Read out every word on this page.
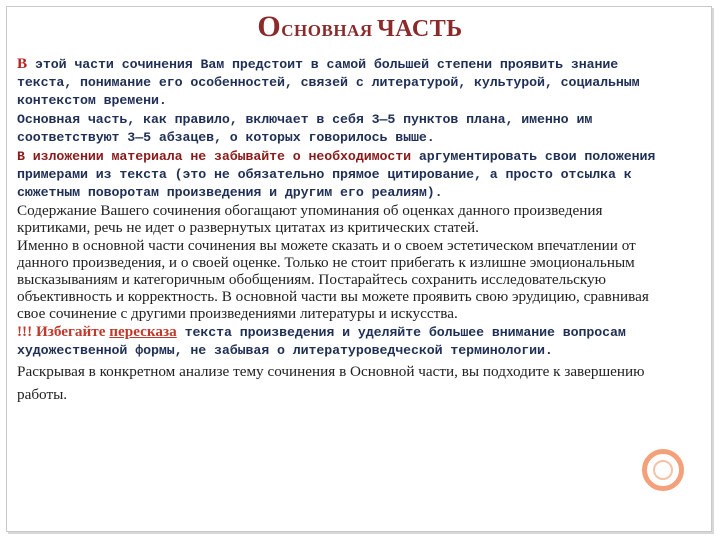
Основная ЧАСТЬ

В этой части сочинения Вам предстоит в самой большей степени проявить знание текста, понимание его особенностей, связей с литературой, культурой, социальным контекстом времени.

Основная часть, как правило, включает в себя 3—5 пунктов плана, именно им соответствуют 3—5 абзацев, о которых говорилось выше.

В изложении материала не забывайте о необходимости аргументировать свои положения примерами из текста (это не обязательно прямое цитирование, а просто отсылка к сюжетным поворотам произведения и другим его реалиям).

Содержание Вашего сочинения обогащают упоминания об оценках данного произведения критиками, речь не идет о развернутых цитатах из критических статей.

Именно в основной части сочинения вы можете сказать и о своем эстетическом впечатлении от данного произведения, и о своей оценке. Только не стоит прибегать к излишне эмоциональным высказываниям и категоричным обобщениям. Постарайтесь сохранить исследовательскую объективность и корректность. В основной части вы можете проявить свою эрудицию, сравнивая свое сочинение с другими произведениями литературы и искусства.

!!! Избегайте пересказа текста произведения и уделяйте большее внимание вопросам художественной формы, не забывая о литературоведческой терминологии.

Раскрывая в конкретном анализе тему сочинения в Основной части, вы подходите к завершению работы.
